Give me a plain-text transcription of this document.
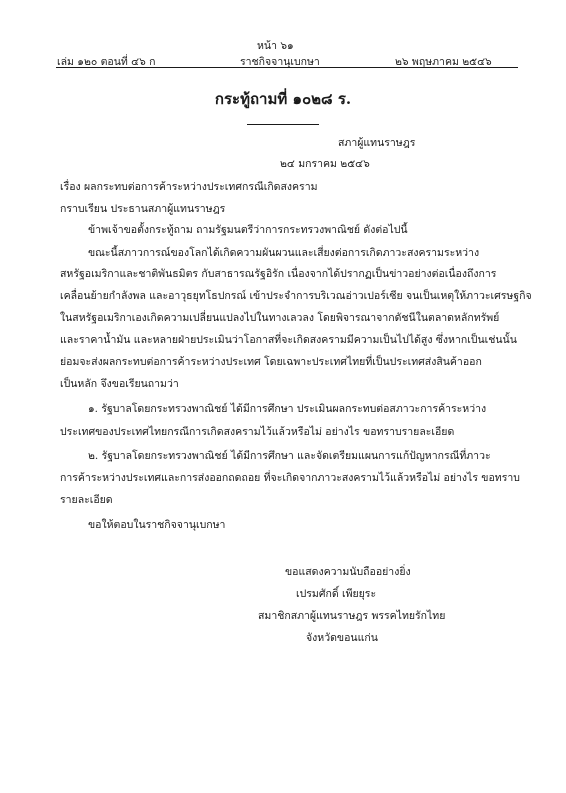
หน้า ๖๑
เล่ม ๑๒๐ ตอนที่ ๔๖ ก	ราชกิจจานุเบกษา	๒๖ พฤษภาคม ๒๕๔๖
กระทู้ถามที่ ๑๐๒๘ ร.
สภาผู้แทนราษฎร
๒๔ มกราคม ๒๕๔๖
เรื่อง ผลกระทบต่อการค้าระหว่างประเทศกรณีเกิดสงคราม
กราบเรียน ประธานสภาผู้แทนราษฎร
ข้าพเจ้าขอตั้งกระทู้ถาม ถามรัฐมนตรีว่าการกระทรวงพาณิชย์ ดังต่อไปนี้
ขณะนี้สภาวการณ์ของโลกได้เกิดความผันผวนและเสี่ยงต่อการเกิดภาวะสงครามระหว่าง
สหรัฐอเมริกาและชาติพันธมิตร กับสาธารณรัฐอิรัก เนื่องจากได้ปรากฏเป็นข่าวอย่างต่อเนื่องถึงการ
เคลื่อนย้ายกำลังพล และอาวุธยุทโธปกรณ์ เข้าประจำการบริเวณอ่าวเปอร์เซีย จนเป็นเหตุให้ภาวะเศรษฐกิจ
ในสหรัฐอเมริกาเองเกิดความเปลี่ยนแปลงไปในทางเลวลง โดยพิจารณาจากดัชนีในตลาดหลักทรัพย์
และราคาน้ำมัน และหลายฝ่ายประเมินว่าโอกาสที่จะเกิดสงครามมีความเป็นไปได้สูง ซึ่งหากเป็นเช่นนั้น
ย่อมจะส่งผลกระทบต่อการค้าระหว่างประเทศ โดยเฉพาะประเทศไทยที่เป็นประเทศส่งสินค้าออก
เป็นหลัก จึงขอเรียนถามว่า
๑. รัฐบาลโดยกระทรวงพาณิชย์ ได้มีการศึกษา ประเมินผลกระทบต่อสภาวะการค้าระหว่าง
ประเทศของประเทศไทยกรณีการเกิดสงครามไว้แล้วหรือไม่ อย่างไร ขอทราบรายละเอียด
๒. รัฐบาลโดยกระทรวงพาณิชย์ ได้มีการศึกษา และจัดเตรียมแผนการแก้ปัญหากรณีที่ภาวะ
การค้าระหว่างประเทศและการส่งออกถดถอย ที่จะเกิดจากภาวะสงครามไว้แล้วหรือไม่ อย่างไร ขอทราบ
รายละเอียด
ขอให้ตอบในราชกิจจานุเบกษา
ขอแสดงความนับถืออย่างยิ่ง
เปรมศักดิ์ เพียยุระ
สมาชิกสภาผู้แทนราษฎร พรรคไทยรักไทย
จังหวัดขอนแก่น
